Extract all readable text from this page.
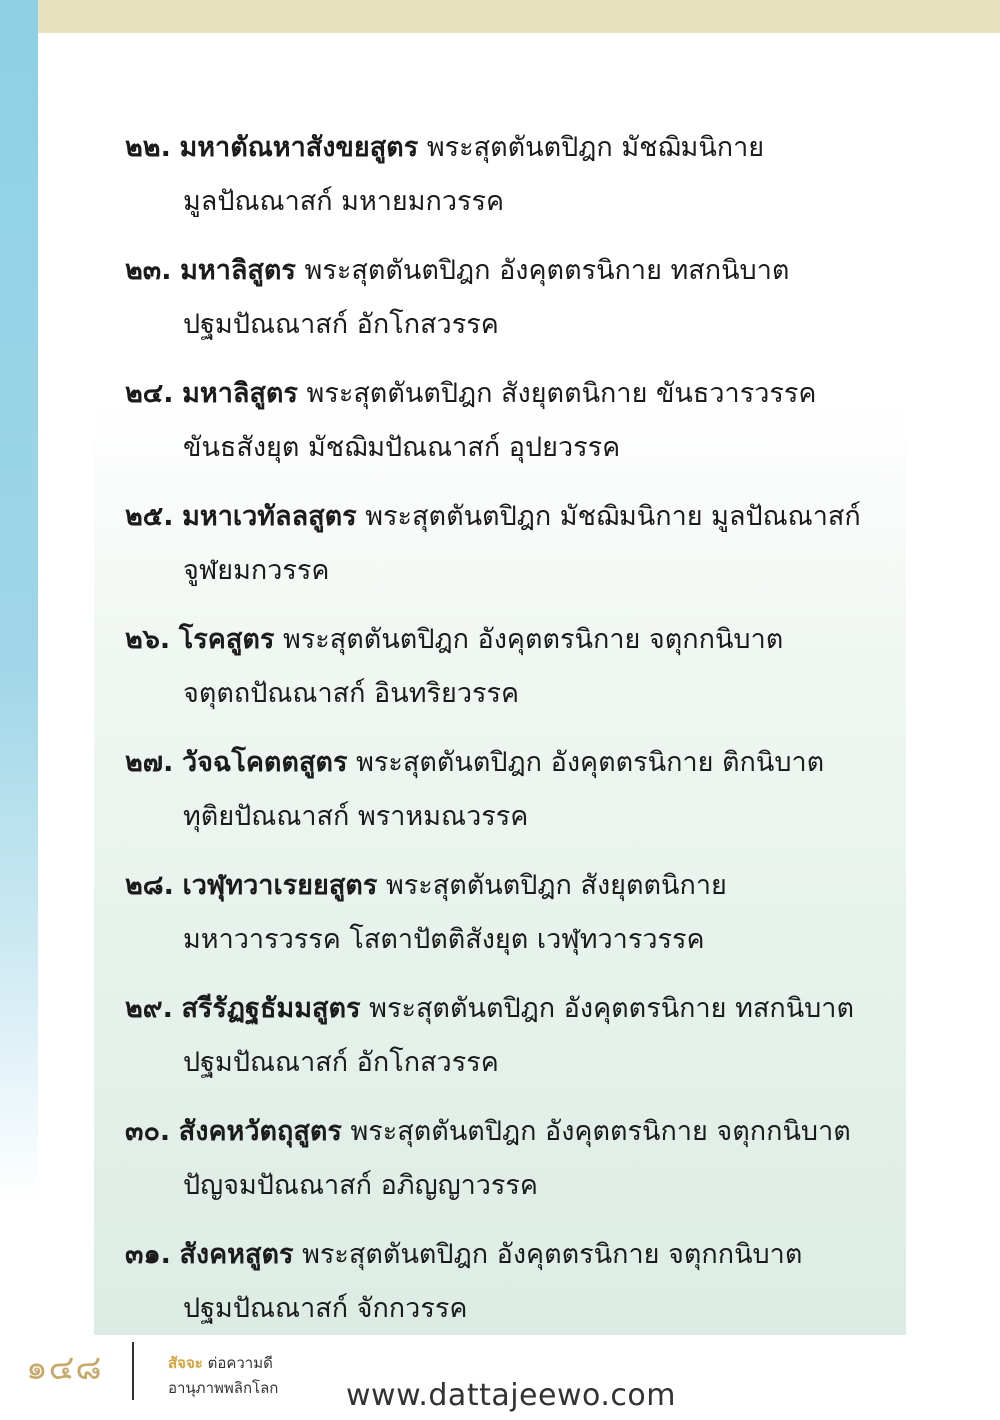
๒๒. มหาตัณหาสังขยสูตร พระสุตตันตปิฎก มัชฌิมนิกาย
มูลปัณณาสก์ มหายมกวรรค
๒๓. มหาลิสูตร พระสุตตันตปิฎก อังคุตตรนิกาย ทสกนิบาต
ปฐมปัณณาสก์ อักโกสวรรค
๒๔. มหาลิสูตร พระสุตตันตปิฎก สังยุตตนิกาย ขันธวารวรรค
ขันธสังยุต มัชฌิมปัณณาสก์ อุปยวรรค
๒๕. มหาเวทัลลสูตร พระสุตตันตปิฎก มัชฌิมนิกาย มูลปัณณาสก์
จูฬยมกวรรค
๒๖. โรคสูตร พระสุตตันตปิฎก อังคุตตรนิกาย จตุกกนิบาต
จตุตถปัณณาสก์ อินทริยวรรค
๒๗. วัจฉโคตตสูตร พระสุตตันตปิฎก อังคุตตรนิกาย ติกนิบาต
ทุติยปัณณาสก์ พราหมณวรรค
๒๘. เวฬุทวาเรยยสูตร พระสุตตันตปิฎก สังยุตตนิกาย
มหาวารวรรค โสตาปัตติสังยุต เวฬุทวารวรรค
๒๙. สรีรัฏฐธัมมสูตร พระสุตตันตปิฎก อังคุตตรนิกาย ทสกนิบาต
ปฐมปัณณาสก์ อักโกสวรรค
๓๐. สังคหวัตถุสูตร พระสุตตันตปิฎก อังคุตตรนิกาย จตุกกนิบาต
ปัญจมปัณณาสก์ อภิญญาวรรค
๓๑. สังคหสูตร พระสุตตันตปิฎก อังคุตตรนิกาย จตุกกนิบาต
ปฐมปัณณาสก์ จักกวรรค
๑๔๘	สัจจะ ต่อความดี
อานุภาพพลิกโลก www.dattajeewo.com
